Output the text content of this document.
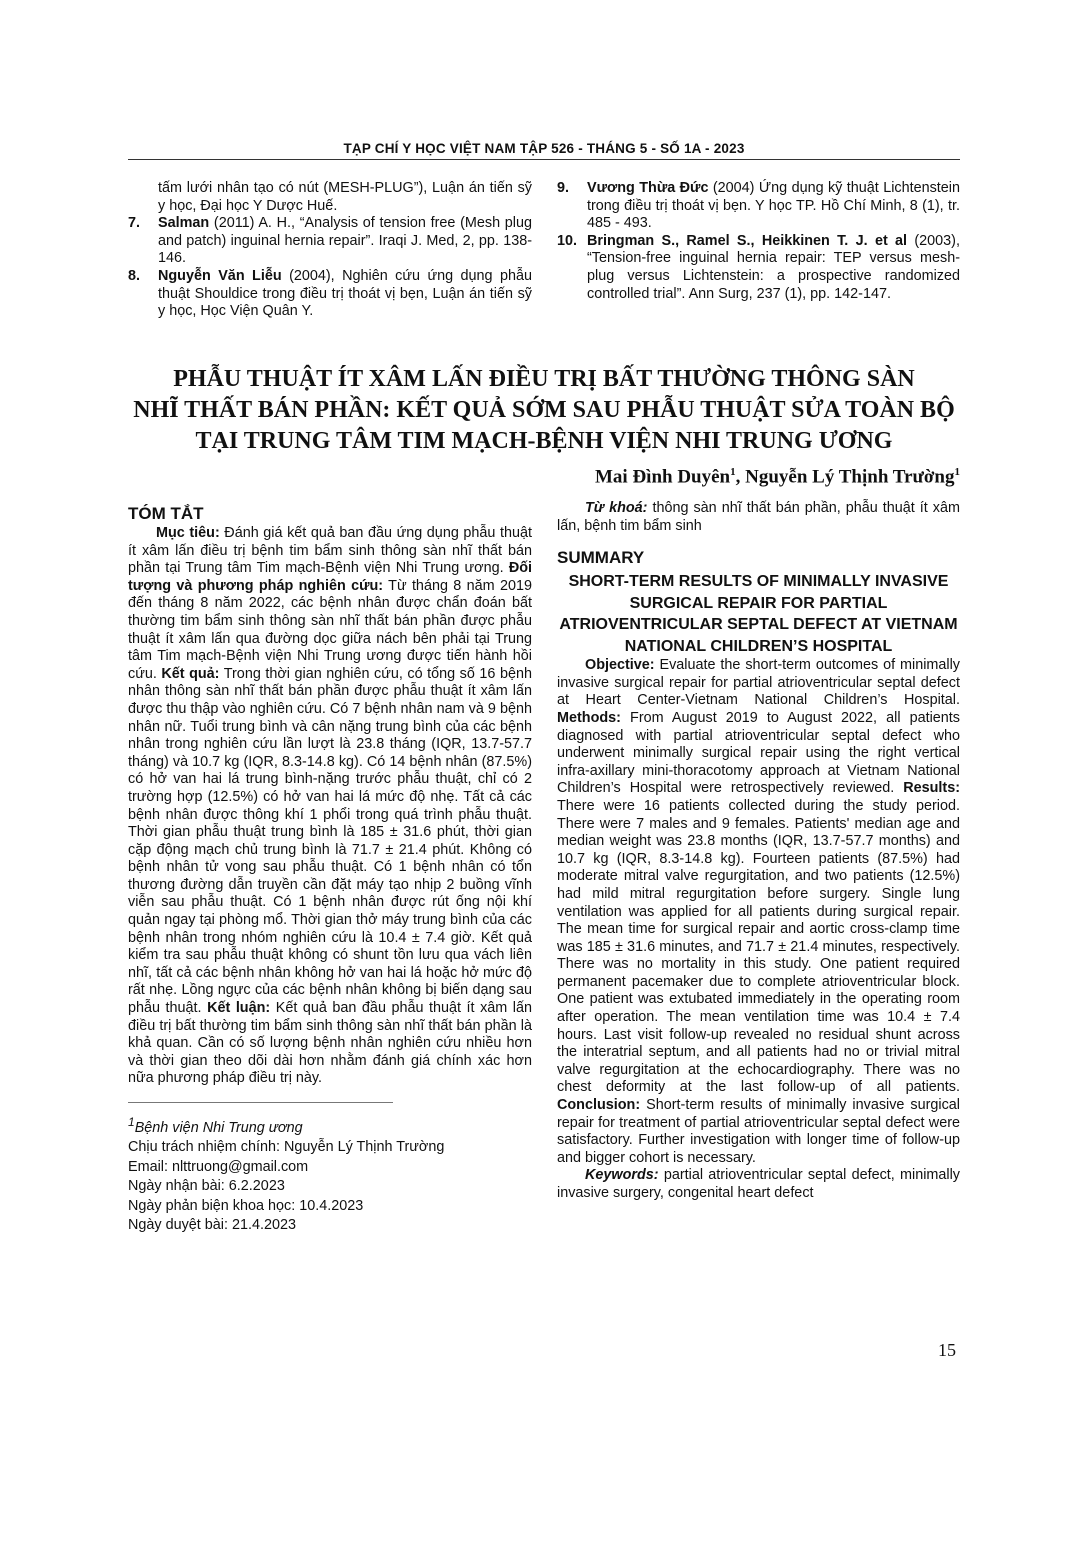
TẠP CHÍ Y HỌC VIỆT NAM TẬP 526 - THÁNG 5 - SỐ 1A - 2023
tấm lưới nhân tạo có nút (MESH-PLUG”), Luận án tiến sỹ y học, Đại học Y Dược Huế.
7.	Salman (2011) A. H., “Analysis of tension free (Mesh plug and patch) inguinal hernia repair”. Iraqi J. Med, 2, pp. 138-146.
8.	Nguyễn Văn Liễu (2004), Nghiên cứu ứng dụng phẫu thuật Shouldice trong điều trị thoát vị bẹn, Luận án tiến sỹ y học, Học Viện Quân Y.
9.	Vương Thừa Đức (2004) Ứng dụng kỹ thuật Lichtenstein trong điều trị thoát vị bẹn. Y học TP. Hồ Chí Minh, 8 (1), tr. 485 - 493.
10. Bringman S., Ramel S., Heikkinen T. J. et al (2003), “Tension-free inguinal hernia repair: TEP versus mesh-plug versus Lichtenstein: a prospective randomized controlled trial”. Ann Surg, 237 (1), pp. 142-147.
PHẪU THUẬT ÍT XÂM LẤN ĐIỀU TRỊ BẤT THƯỜNG THÔNG SÀN
NHĨ THẤT BÁN PHẦN: KẾT QUẢ SỚM SAU PHẪU THUẬT SỬA TOÀN BỘ
TẠI TRUNG TÂM TIM MẠCH-BỆNH VIỆN NHI TRUNG ƯƠNG
Mai Đình Duyên$^1$, Nguyễn Lý Thịnh Trường$^1$
TÓM TẮT

Mục tiêu: Đánh giá kết quả ban đầu ứng dụng phẫu thuật ít xâm lấn điều trị bệnh tim bẩm sinh thông sàn nhĩ thất bán phần tại Trung tâm Tim mạch-Bệnh viện Nhi Trung ương. Đối tượng và phương pháp nghiên cứu: Từ tháng 8 năm 2019 đến tháng 8 năm 2022, các bệnh nhân được chẩn đoán bất thường tim bẩm sinh thông sàn nhĩ thất bán phần được phẫu thuật ít xâm lấn qua đường dọc giữa nách bên phải tại Trung tâm Tim mạch-Bệnh viện Nhi Trung ương được tiến hành hồi cứu. Kết quả: Trong thời gian nghiên cứu, có tổng số 16 bệnh nhân thông sàn nhĩ thất bán phần được phẫu thuật ít xâm lấn được thu thập vào nghiên cứu. Có 7 bệnh nhân nam và 9 bệnh nhân nữ. Tuổi trung bình và cân nặng trung bình của các bệnh nhân trong nghiên cứu lần lượt là 23.8 tháng (IQR, 13.7-57.7 tháng) và 10.7 kg (IQR, 8.3-14.8 kg). Có 14 bệnh nhân (87.5%) có hở van hai lá trung bình-nặng trước phẫu thuật, chỉ có 2 trường hợp (12.5%) có hở van hai lá mức độ nhẹ. Tất cả các bệnh nhân được thông khí 1 phổi trong quá trình phẫu thuật. Thời gian phẫu thuật trung bình là 185 ± 31.6 phút, thời gian cặp động mạch chủ trung bình là 71.7 ± 21.4 phút. Không có bệnh nhân tử vong sau phẫu thuật. Có 1 bệnh nhân có tổn thương đường dẫn truyền cần đặt máy tạo nhịp 2 buồng vĩnh viễn sau phẫu thuật. Có 1 bệnh nhân được rút ống nội khí quản ngay tại phòng mổ. Thời gian thở máy trung bình của các bệnh nhân trong nhóm nghiên cứu là 10.4 ± 7.4 giờ. Kết quả kiểm tra sau phẫu thuật không có shunt tồn lưu qua vách liên nhĩ, tất cả các bệnh nhân không hở van hai lá hoặc hở mức độ rất nhẹ. Lồng ngực của các bệnh nhân không bị biến dạng sau phẫu thuật. Kết luận: Kết quả ban đầu phẫu thuật ít xâm lấn điều trị bất thường tim bẩm sinh thông sàn nhĩ thất bán phần là khả quan. Cần có số lượng bệnh nhân nghiên cứu nhiều hơn và thời gian theo dõi dài hơn nhằm đánh giá chính xác hơn nữa phương pháp điều trị này.

$^1$Bệnh viện Nhi Trung ương
Chịu trách nhiệm chính: Nguyễn Lý Thịnh Trường
Email: nlttruong@gmail.com
Ngày nhận bài: 6.2.2023
Ngày phản biện khoa học: 10.4.2023
Ngày duyệt bài: 21.4.2023

Từ khoá: thông sàn nhĩ thất bán phần, phẫu thuật ít xâm lấn, bệnh tim bẩm sinh

SUMMARY
SHORT-TERM RESULTS OF MINIMALLY INVASIVE SURGICAL REPAIR FOR PARTIAL ATRIOVENTRICULAR SEPTAL DEFECT AT VIETNAM NATIONAL CHILDREN’S HOSPITAL

Objective: Evaluate the short-term outcomes of minimally invasive surgical repair for partial atrioventricular septal defect at Heart Center-Vietnam National Children’s Hospital. Methods: From August 2019 to August 2022, all patients diagnosed with partial atrioventricular septal defect who underwent minimally surgical repair using the right vertical infra-axillary mini-thoracotomy approach at Vietnam National Children’s Hospital were retrospectively reviewed. Results: There were 16 patients collected during the study period. There were 7 males and 9 females. Patients' median age and median weight was 23.8 months (IQR, 13.7-57.7 months) and 10.7 kg (IQR, 8.3-14.8 kg). Fourteen patients (87.5%) had moderate mitral valve regurgitation, and two patients (12.5%) had mild mitral regurgitation before surgery. Single lung ventilation was applied for all patients during surgical repair. The mean time for surgical repair and aortic cross-clamp time was 185 ± 31.6 minutes, and 71.7 ± 21.4 minutes, respectively. There was no mortality in this study. One patient required permanent pacemaker due to complete atrioventricular block. One patient was extubated immediately in the operating room after operation. The mean ventilation time was 10.4 ± 7.4 hours. Last visit follow-up revealed no residual shunt across the interatrial septum, and all patients had no or trivial mitral valve regurgitation at the echocardiography. There was no chest deformity at the last follow-up of all patients. Conclusion: Short-term results of minimally invasive surgical repair for treatment of partial atrioventricular septal defect were satisfactory. Further investigation with longer time of follow-up and bigger cohort is necessary.

Keywords: partial atrioventricular septal defect, minimally invasive surgery, congenital heart defect

15
